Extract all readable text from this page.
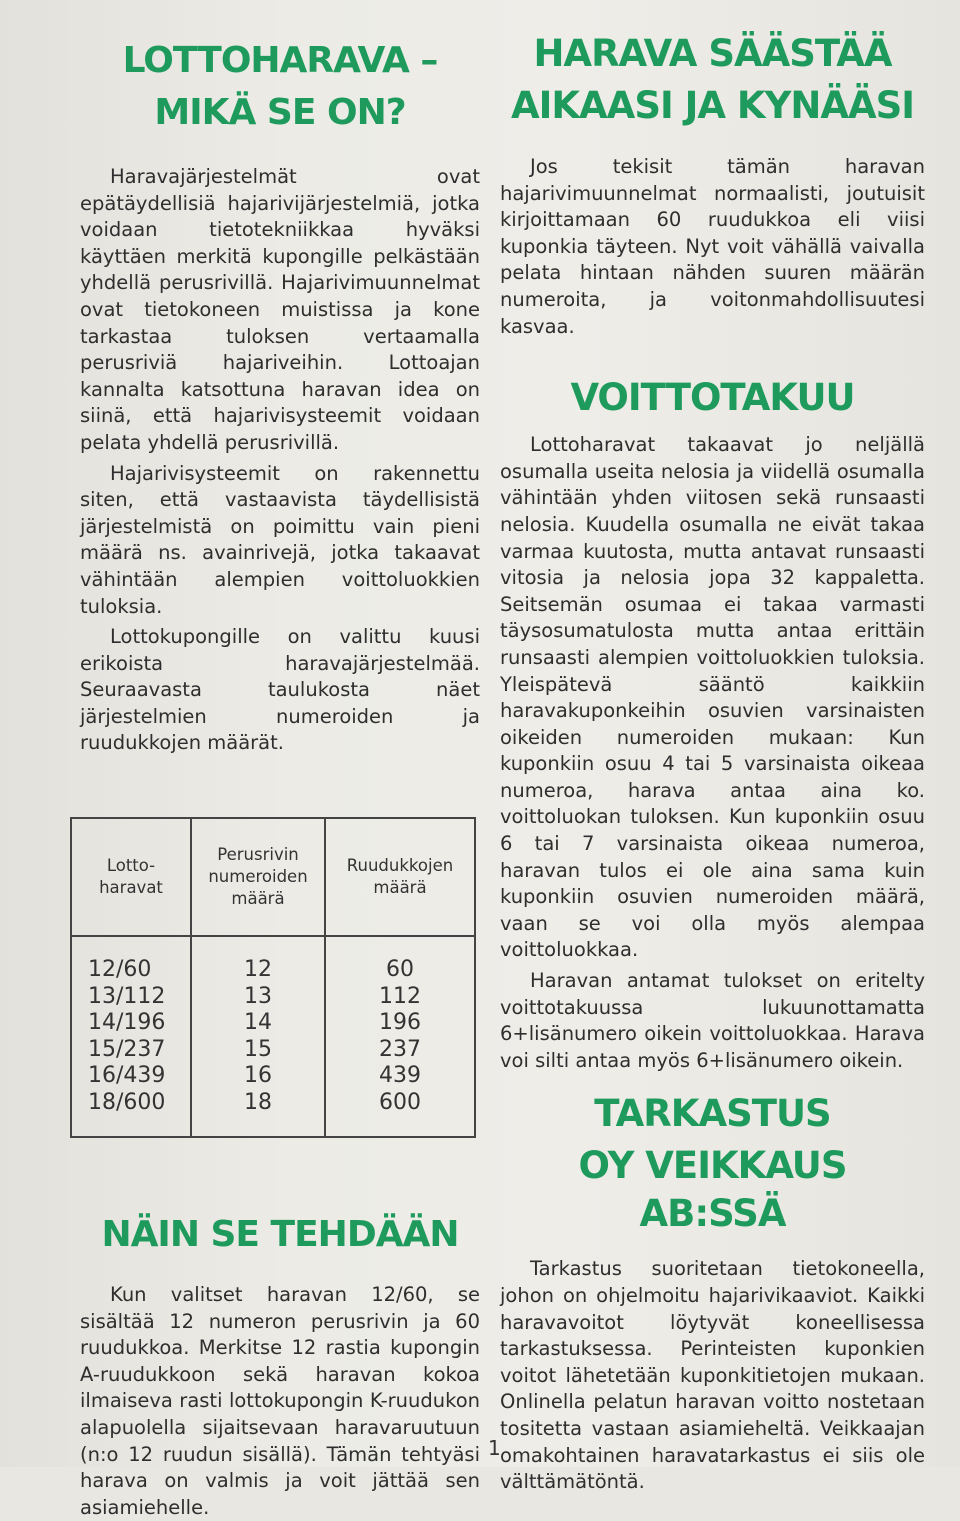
LOTTOHARAVA –
MIKÄ SE ON?

Haravajärjestelmät ovat epätäydellisiä hajarivijärjestelmiä, jotka voidaan tietotekniikkaa hyväksi käyttäen merkitä kupongille pelkästään yhdellä perusrivillä. Hajarivimuunnelmat ovat tietokoneen muistissa ja kone tarkastaa tuloksen vertaamalla perusriviä hajariveihin. Lottoajan kannalta katsottuna haravan idea on siinä, että hajarivisysteemit voidaan pelata yhdellä perusrivillä.

Hajarivisysteemit on rakennettu siten, että vastaavista täydellisistä järjestelmistä on poimittu vain pieni määrä ns. avainrivejä, jotka takaavat vähintään alempien voittoluokkien tuloksia.

Lottokupongille on valittu kuusi erikoista haravajärjestelmää. Seuraavasta taulukosta näet järjestelmien numeroiden ja ruudukkojen määrät.

Lotto-haravat	Perusrivin numeroiden määrä	Ruudukkojen määrä
12/60	12	60
13/112	13	112
14/196	14	196
15/237	15	237
16/439	16	439
18/600	18	600
NÄIN SE TEHDÄÄN

Kun valitset haravan 12/60, se sisältää 12 numeron perusrivin ja 60 ruudukkoa. Merkitse 12 rastia kupongin A-ruudukkoon sekä haravan kokoa ilmaiseva rasti lottokupongin K-ruudukon alapuolella sijaitsevaan haravaruutuun (n:o 12 ruudun sisällä). Tämän tehtyäsi harava on valmis ja voit jättää sen asiamiehelle.

HARAVA SÄÄSTÄÄ
AIKAASI JA KYNÄÄSI

Jos tekisit tämän haravan hajarivimuunnelmat normaalisti, joutuisit kirjoittamaan 60 ruudukkoa eli viisi kuponkia täyteen. Nyt voit vähällä vaivalla pelata hintaan nähden suuren määrän numeroita, ja voitonmahdollisuutesi kasvaa.

VOITTOTAKUU

Lottoharavat takaavat jo neljällä osumalla useita nelosia ja viidellä osumalla vähintään yhden viitosen sekä runsaasti nelosia. Kuudella osumalla ne eivät takaa varmaa kuutosta, mutta antavat runsaasti vitosia ja nelosia jopa 32 kappaletta. Seitsemän osumaa ei takaa varmasti täysosumatulosta mutta antaa erittäin runsaasti alempien voittoluokkien tuloksia. Yleispätevä sääntö kaikkiin haravakuponkeihin osuvien varsinaisten oikeiden numeroiden mukaan: Kun kuponkiin osuu 4 tai 5 varsinaista oikeaa numeroa, harava antaa aina ko. voittoluokan tuloksen. Kun kuponkiin osuu 6 tai 7 varsinaista oikeaa numeroa, haravan tulos ei ole aina sama kuin kuponkiin osuvien numeroiden määrä, vaan se voi olla myös alempaa voittoluokkaa.

Haravan antamat tulokset on eritelty voittotakuussa lukuunottamatta 6+lisänumero oikein voittoluokkaa. Harava voi silti antaa myös 6+lisänumero oikein.

TARKASTUS
OY VEIKKAUS AB:SSÄ

Tarkastus suoritetaan tietokoneella, johon on ohjelmoitu hajarivikaaviot. Kaikki haravavoitot löytyvät koneellisessa tarkastuksessa. Perinteisten kuponkien voitot lähetetään kuponkitietojen mukaan. Onlinella pelatun haravan voitto nostetaan tositetta vastaan asiamieheltä. Veikkaajan omakohtainen haravatarkastus ei siis ole välttämätöntä.

1
